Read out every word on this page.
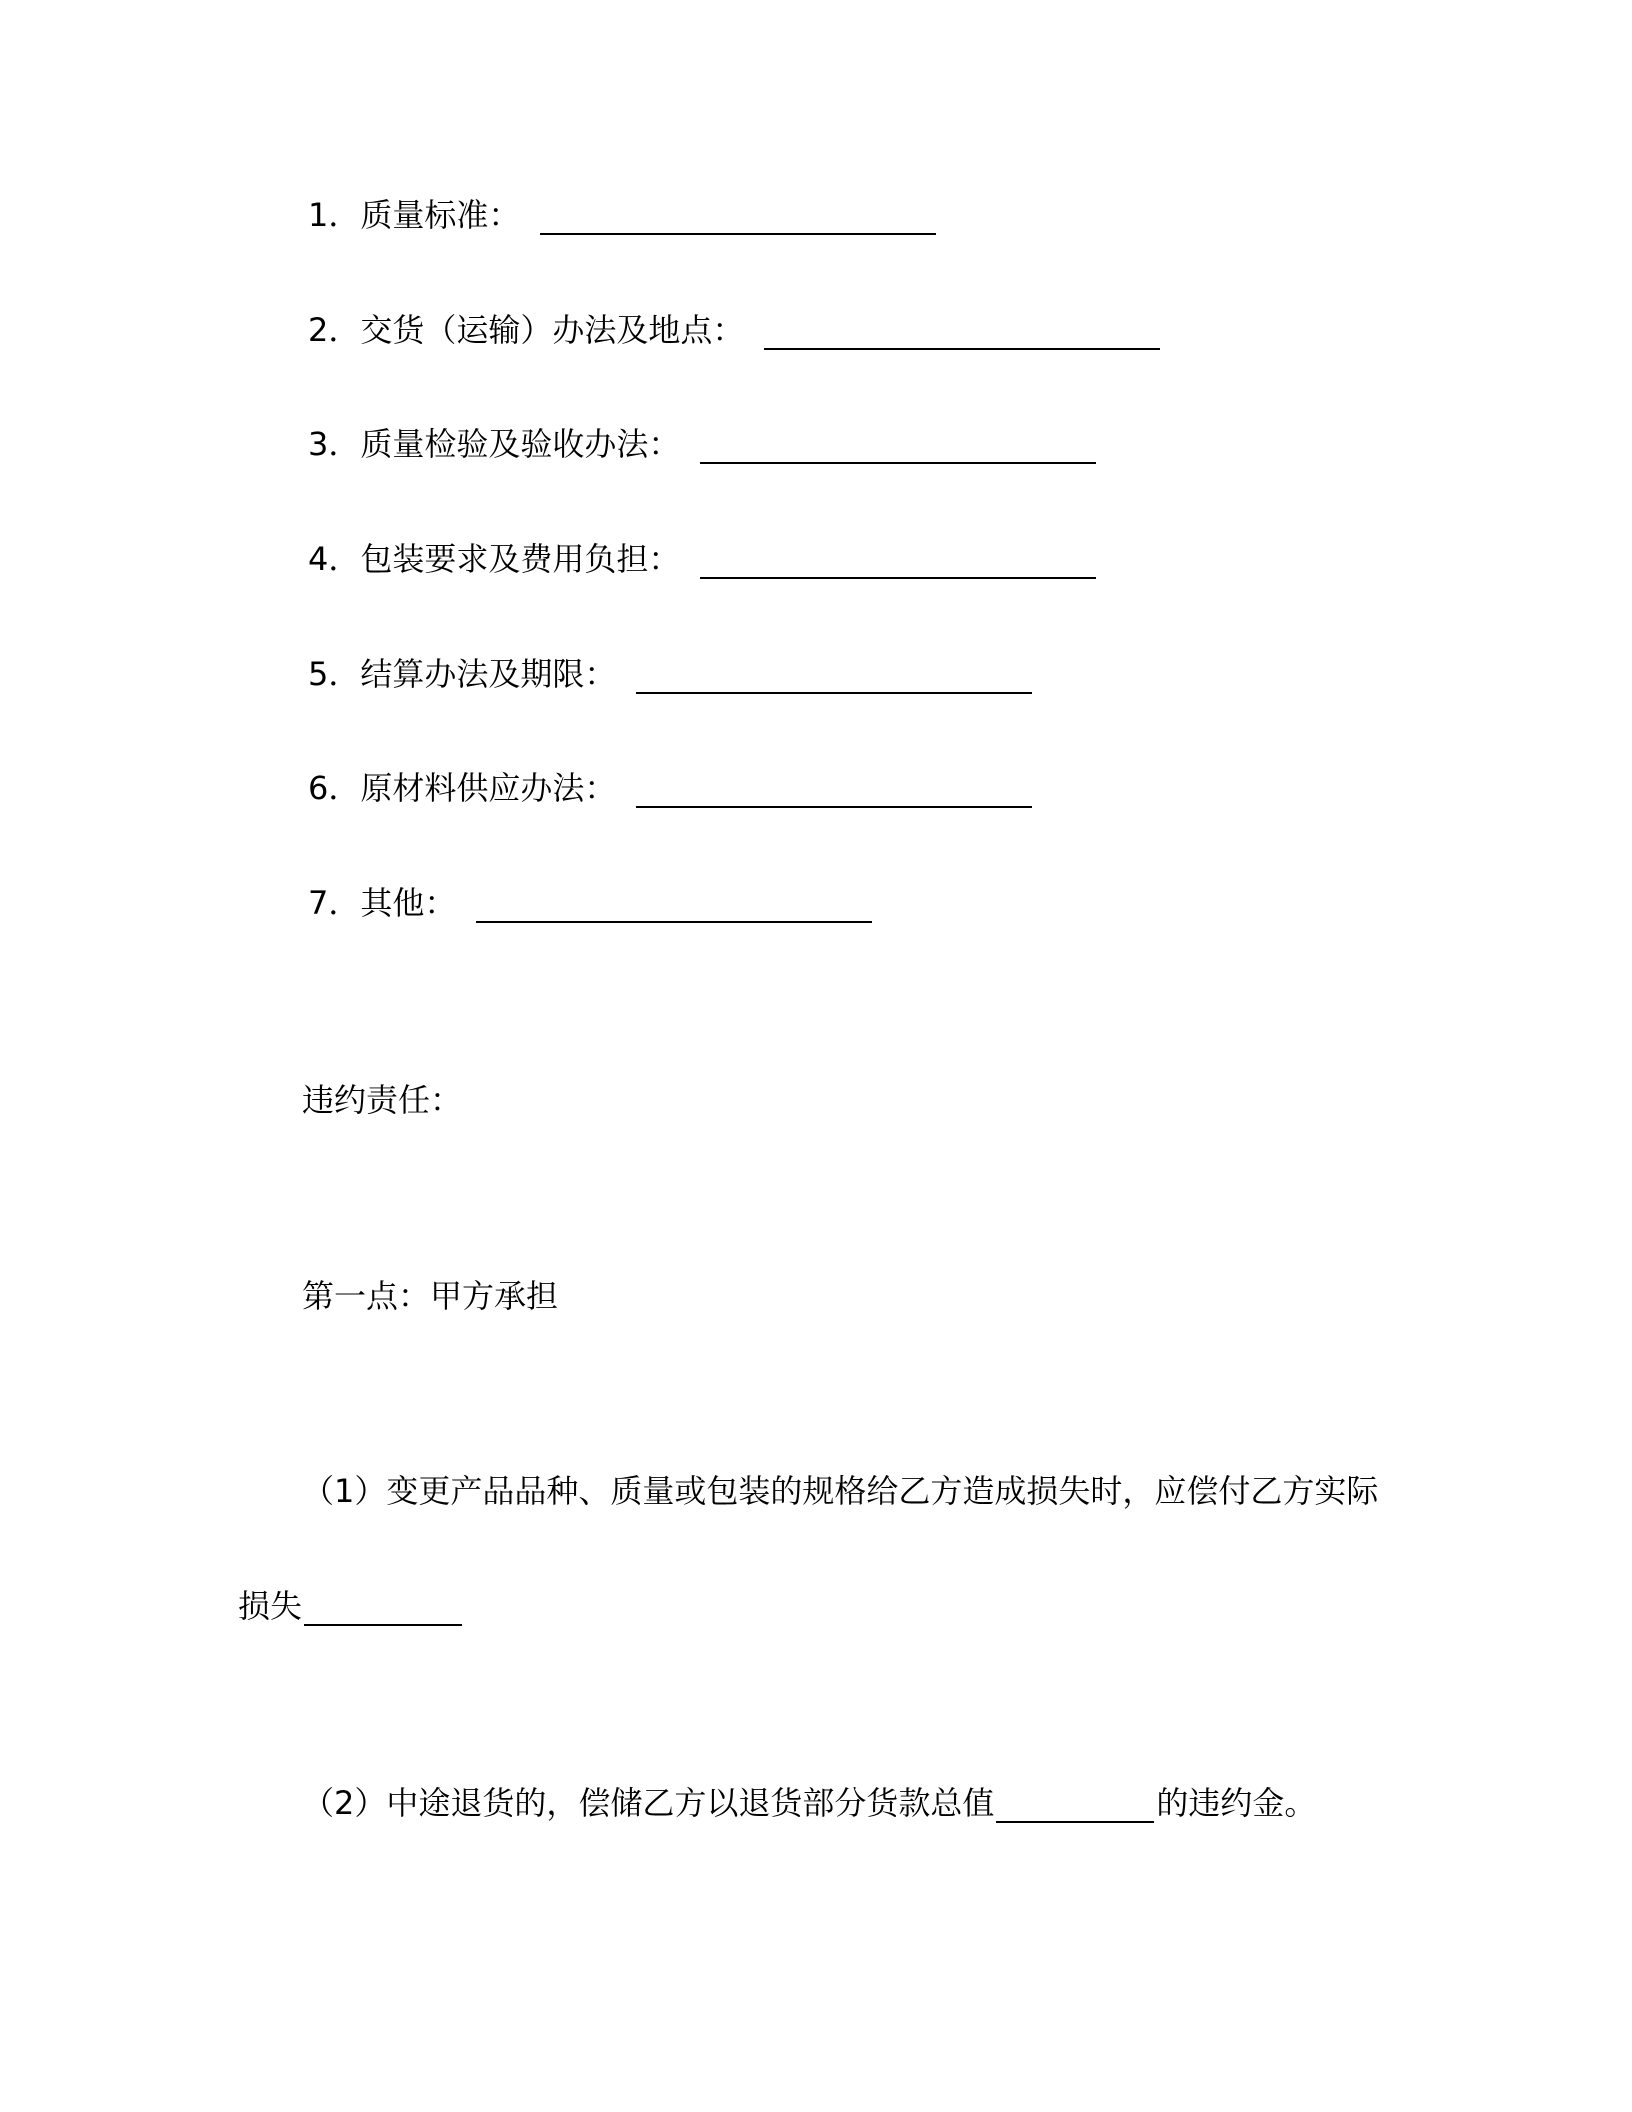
1．质量标准：
2．交货（运输）办法及地点：
3．质量检验及验收办法：
4．包装要求及费用负担：
5．结算办法及期限：
6．原材料供应办法：
7．其他：
违约责任：
第一点：甲方承担
（1）变更产品品种、质量或包装的规格给乙方造成损失时，应偿付乙方实际
损失
（2）中途退货的，偿储乙方以退货部分货款总值	的违约金。
